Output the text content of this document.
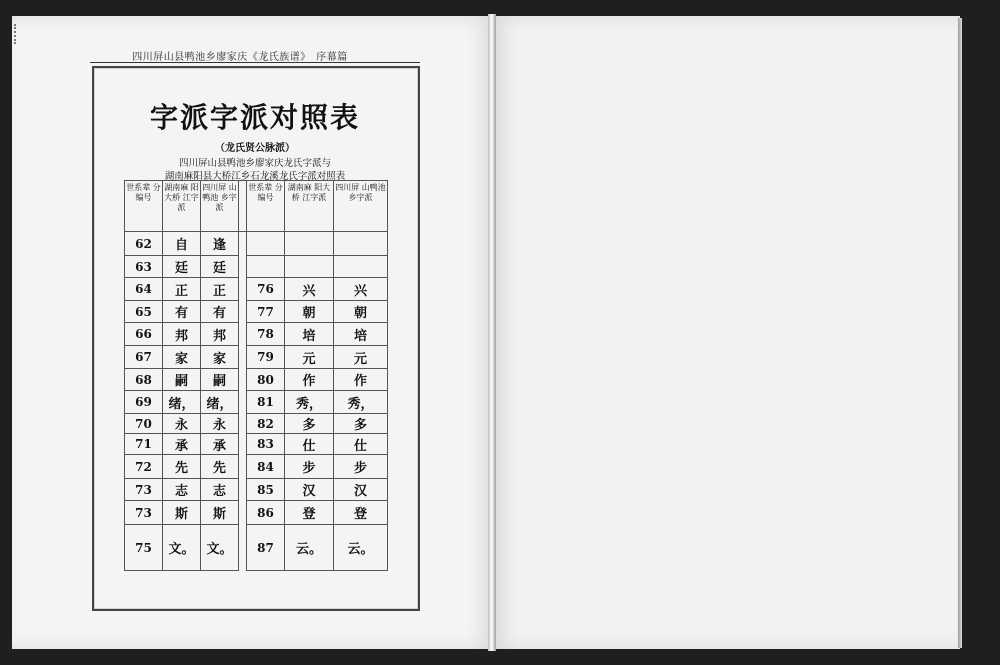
四川屏山县鸭池乡廖家庆《龙氏族谱》　序幕篇
字派字派对照表
（龙氏贤公脉派）
四川屏山县鸭池乡廖家庆龙氏字派与
湖南麻阳县大桥江乡石龙溪龙氏字派对照表
世系辈 分编号	湖南麻 阳大桥 江字派	四川屏 山鸭池 乡字派		世系辈 分编号	湖南麻 阳大桥 江字派	四川屏 山鸭池 乡字派
62	自	逢				
63	廷	廷				
64	正	正		76	兴	兴
65	有	有		77	朝	朝
66	邦	邦		78	培	培
67	家	家		79	元	元
68	嗣	嗣		80	作	作
69	绪，	绪，		81	秀，	秀，
70	永	永		82	多	多
71	承	承		83	仕	仕
72	先	先		84	步	步
73	志	志		85	汉	汉
73	斯	斯		86	登	登
75	文。	文。		87	云。	云。
